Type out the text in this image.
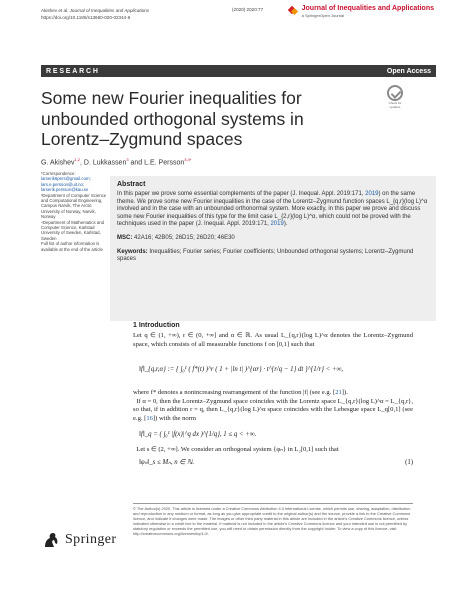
Akishev et al. Journal of Inequalities and Applications
https://doi.org/10.1186/s13660-020-02344-6
(2020) 2020:77	Journal of Inequalities and Applications
a SpringerOpen Journal
RESEARCH	Open Access
Some new Fourier inequalities for unbounded orthogonal systems in Lorentz–Zygmund spaces
Check for updates
G. Akishev$^{1,2}$, D. Lukkassen$^3$ and L.E. Persson$^{3,4*}$
*Correspondence:
larserik6pers@gmail.com;
lars.e.persson@uit.no;
larserik.persson@kau.se
³Department of Computer Science
and Computational Engineering,
Campus Narvik, The Arctic
University of Norway, Narvik,
Norway
⁴Department of Mathematics and
Computer Science, Karlstad
University of Sweden, Karlstad,
Sweden
Full list of author information is
available at the end of the article
Abstract
In this paper we prove some essential complements of the paper (J. Inequal. Appl. 2019:171, 2019) on the same theme. We prove some new Fourier inequalities in the case of the Lorentz–Zygmund function spaces L_{q,r}(log L)^α involved and in the case with an unbounded orthonormal system. More exactly, in this paper we prove and discuss some new Fourier inequalities of this type for the limit case L_{2,r}(log L)^α, which could not be proved with the techniques used in the paper (J. Inequal. Appl. 2019:171, 2019).
MSC: 42A16; 42B05; 26D15; 26D20; 46E30
Keywords: Inequalities; Fourier series; Fourier coefficients; Unbounded orthogonal systems; Lorentz–Zygmund spaces
1 Introduction
Let q ∈ (1, +∞), r ∈ (0, +∞] and α ∈ ℝ. As usual L_{q,r}(log L)^α denotes the Lorentz–Zygmund space, which consists of all measurable functions f on [0,1] such that
‖f‖_{q,r,α} := { ∫₀¹ ( f*(t) )^r ( 1 + |ln t| )^{αr} · t^{r/q − 1} dt }^{1/r} < +∞,
where f* denotes a nonincreasing rearrangement of the function |f| (see e.g. [21]).
If α = 0, then the Lorentz–Zygmund space coincides with the Lorentz space L_{q,r}(log L)^α = L_{q,r}, so that, if in addition r = q, then L_{q,r}(log L)^α space coincides with the Lebesgue space L_q[0,1] (see e.g. [16]) with the norm
‖f‖_q = ( ∫₀¹ |f(x)|^q dx )^{1/q}, 1 ≤ q < +∞.
Let s ∈ (2, +∞]. We consider an orthogonal system {φₙ} in L₂[0,1] such that
‖φₙ‖_s ≤ Mₙ, n ∈ ℕ.	(1)
© The Author(s) 2020. This article is licensed under a Creative Commons Attribution 4.0 International License, which permits use, sharing, adaptation, distribution and reproduction in any medium or format, as long as you give appropriate credit to the original author(s) and the source, provide a link to the Creative Commons licence, and indicate if changes were made. The images or other third party material in this article are included in the article's Creative Commons licence, unless indicated otherwise in a credit line to the material. If material is not included in the article's Creative Commons licence and your intended use is not permitted by statutory regulation or exceeds the permitted use, you will need to obtain permission directly from the copyright holder. To view a copy of this licence, visit http://creativecommons.org/licenses/by/4.0/.
Springer
